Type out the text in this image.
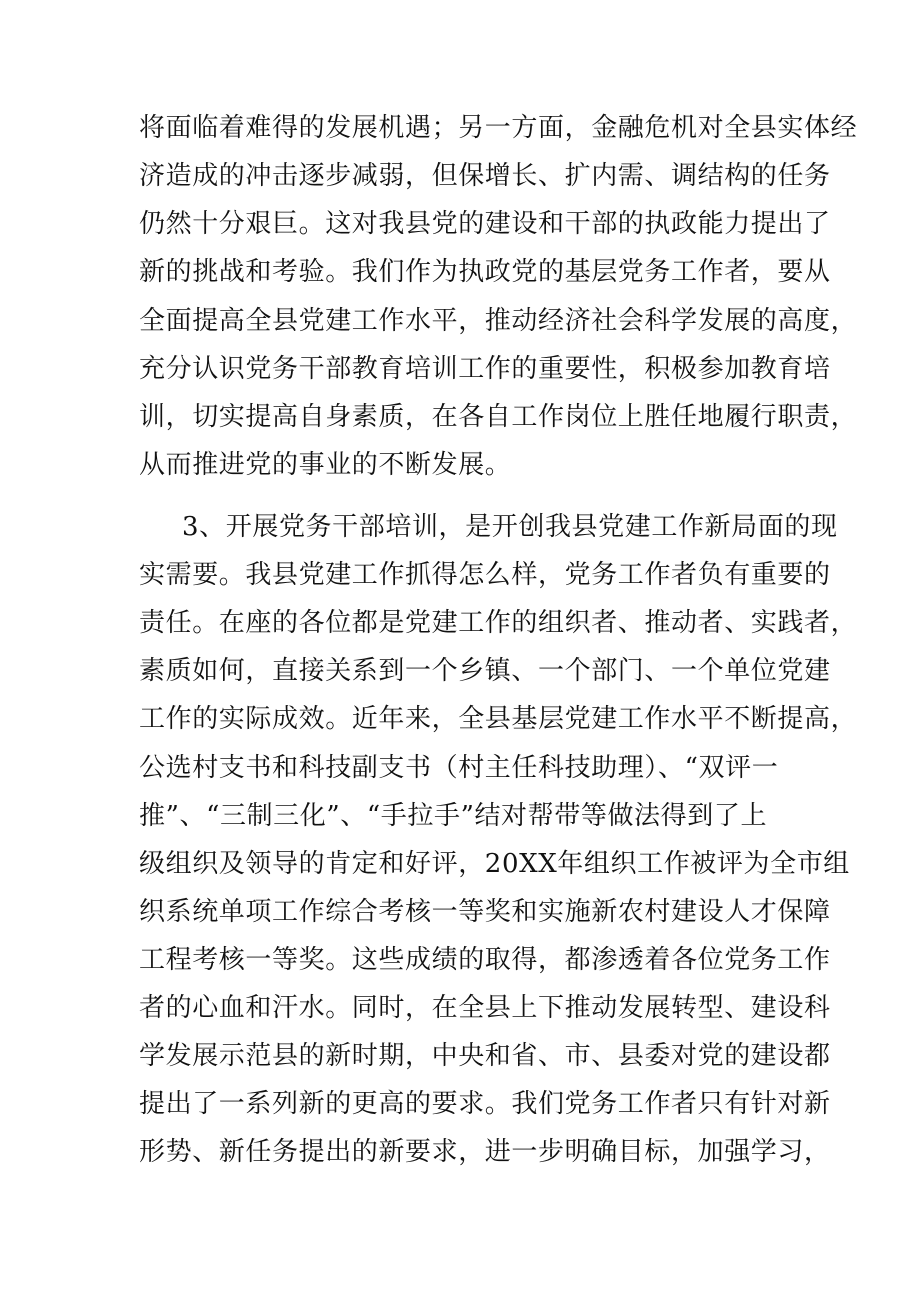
将面临着难得的发展机遇；另一方面，金融危机对全县实体经
济造成的冲击逐步减弱，但保增长、扩内需、调结构的任务
仍然十分艰巨。这对我县党的建设和干部的执政能力提出了
新的挑战和考验。我们作为执政党的基层党务工作者，要从
全面提高全县党建工作水平，推动经济社会科学发展的高度，
充分认识党务干部教育培训工作的重要性，积极参加教育培
训，切实提高自身素质，在各自工作岗位上胜任地履行职责，
从而推进党的事业的不断发展。
3、开展党务干部培训，是开创我县党建工作新局面的现
实需要。我县党建工作抓得怎么样，党务工作者负有重要的
责任。在座的各位都是党建工作的组织者、推动者、实践者，
素质如何，直接关系到一个乡镇、一个部门、一个单位党建
工作的实际成效。近年来，全县基层党建工作水平不断提高，
公选村支书和科技副支书（村主任科技助理）、“双评一
推”、“三制三化”、“手拉手”结对帮带等做法得到了上
级组织及领导的肯定和好评，20XX年组织工作被评为全市组
织系统单项工作综合考核一等奖和实施新农村建设人才保障
工程考核一等奖。这些成绩的取得，都渗透着各位党务工作
者的心血和汗水。同时，在全县上下推动发展转型、建设科
学发展示范县的新时期，中央和省、市、县委对党的建设都
提出了一系列新的更高的要求。我们党务工作者只有针对新
形势、新任务提出的新要求，进一步明确目标，加强学习，
